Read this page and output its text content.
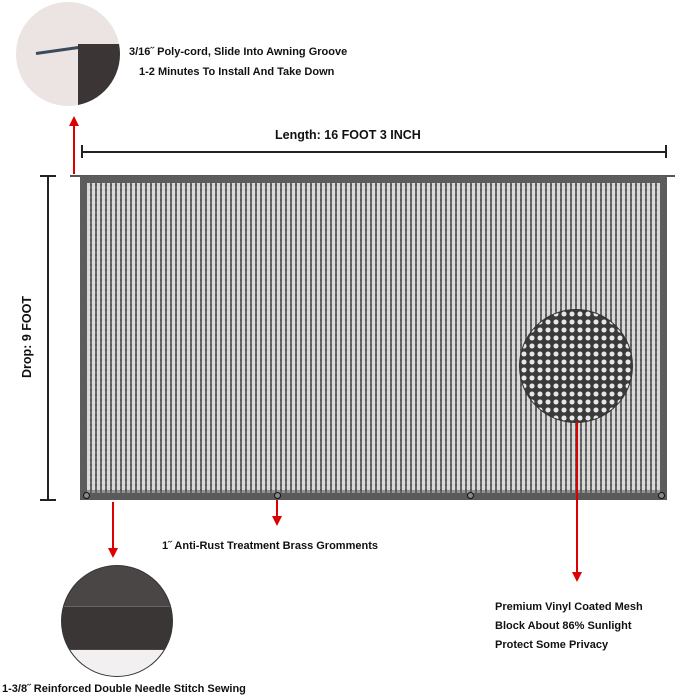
3/16˝ Poly-cord, Slide Into Awning Groove
1-2 Minutes To Install And Take Down
Length: 16 FOOT 3 INCH
Drop: 9 FOOT
Premium Vinyl Coated Mesh
Block About 86% Sunlight
Protect Some Privacy
1˝ Anti-Rust Treatment Brass Gromments
1-3/8˝ Reinforced Double Needle Stitch Sewing
